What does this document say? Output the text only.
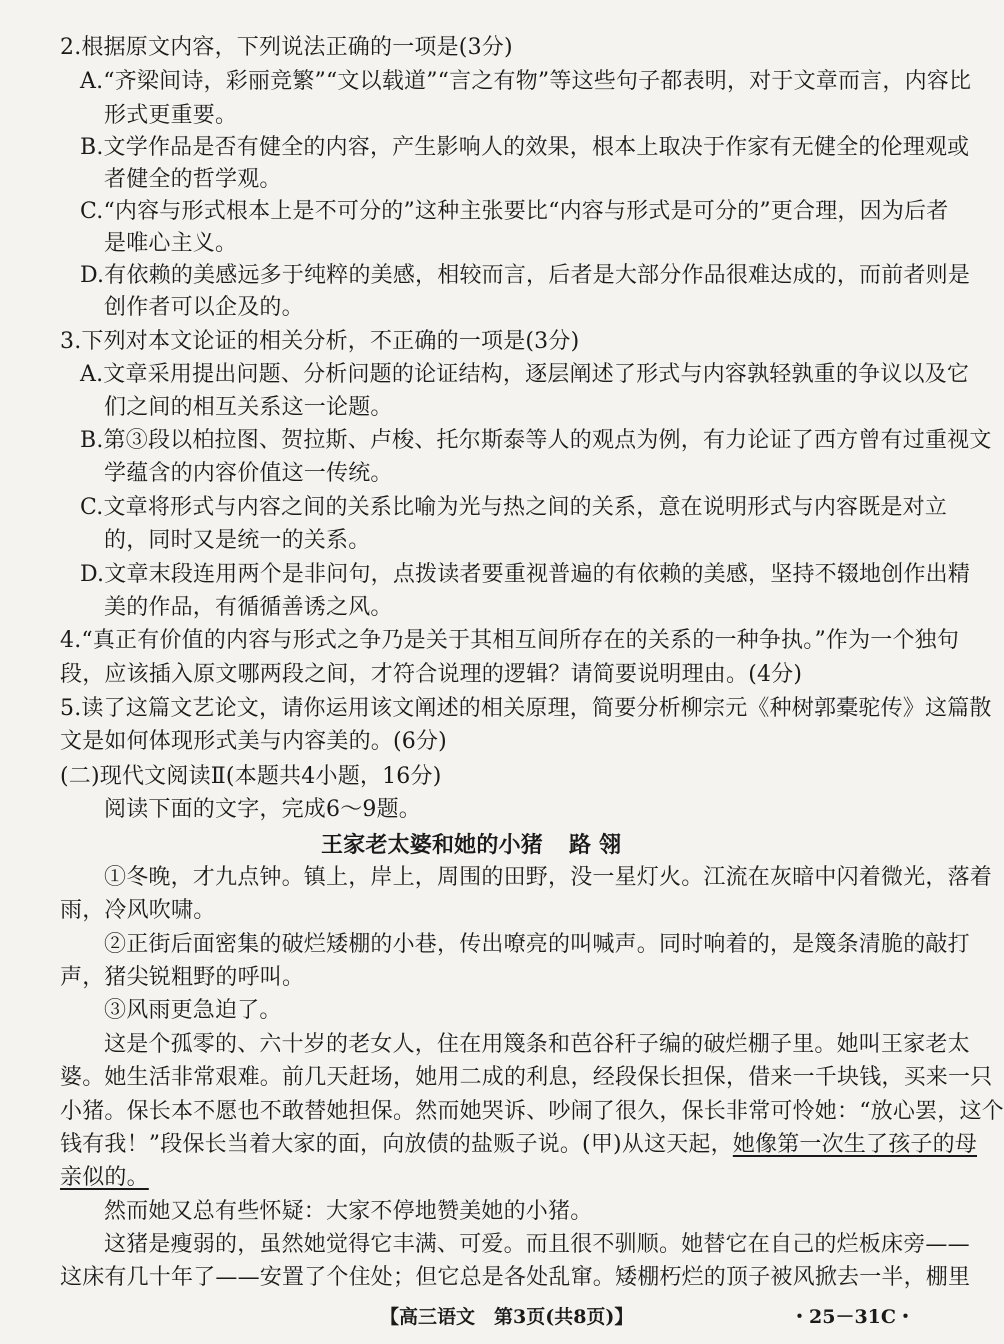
2.根据原文内容，下列说法正确的一项是(3分)
A.“齐梁间诗，彩丽竞繁”“文以载道”“言之有物”等这些句子都表明，对于文章而言，内容比
形式更重要。
B.文学作品是否有健全的内容，产生影响人的效果，根本上取决于作家有无健全的伦理观或
者健全的哲学观。
C.“内容与形式根本上是不可分的”这种主张要比“内容与形式是可分的”更合理，因为后者
是唯心主义。
D.有依赖的美感远多于纯粹的美感，相较而言，后者是大部分作品很难达成的，而前者则是
创作者可以企及的。
3.下列对本文论证的相关分析，不正确的一项是(3分)
A.文章采用提出问题、分析问题的论证结构，逐层阐述了形式与内容孰轻孰重的争议以及它
们之间的相互关系这一论题。
B.第③段以柏拉图、贺拉斯、卢梭、托尔斯泰等人的观点为例，有力论证了西方曾有过重视文
学蕴含的内容价值这一传统。
C.文章将形式与内容之间的关系比喻为光与热之间的关系，意在说明形式与内容既是对立
的，同时又是统一的关系。
D.文章末段连用两个是非问句，点拨读者要重视普遍的有依赖的美感，坚持不辍地创作出精
美的作品，有循循善诱之风。
4.“真正有价值的内容与形式之争乃是关于其相互间所存在的关系的一种争执。”作为一个独句
段，应该插入原文哪两段之间，才符合说理的逻辑？请简要说明理由。(4分)
5.读了这篇文艺论文，请你运用该文阐述的相关原理，简要分析柳宗元《种树郭橐驼传》这篇散
文是如何体现形式美与内容美的。(6分)
(二)现代文阅读Ⅱ(本题共4小题，16分)
阅读下面的文字，完成6～9题。
王家老太婆和她的小猪 路翎
①冬晚，才九点钟。镇上，岸上，周围的田野，没一星灯火。江流在灰暗中闪着微光，落着
雨，冷风吹啸。
②正街后面密集的破烂矮棚的小巷，传出嘹亮的叫喊声。同时响着的，是篾条清脆的敲打
声，猪尖锐粗野的呼叫。
③风雨更急迫了。
这是个孤零的、六十岁的老女人，住在用篾条和芭谷秆子编的破烂棚子里。她叫王家老太
婆。她生活非常艰难。前几天赶场，她用二成的利息，经段保长担保，借来一千块钱，买来一只
小猪。保长本不愿也不敢替她担保。然而她哭诉、吵闹了很久，保长非常可怜她：“放心罢，这个
钱有我！”段保长当着大家的面，向放债的盐贩子说。(甲)从这天起，她像第一次生了孩子的母
亲似的。
然而她又总有些怀疑：大家不停地赞美她的小猪。
这猪是瘦弱的，虽然她觉得它丰满、可爱。而且很不驯顺。她替它在自己的烂板床旁——
这床有几十年了——安置了个住处；但它总是各处乱窜。矮棚朽烂的顶子被风掀去一半，棚里
【高三语文　第3页(共8页)】	・25－31C・
